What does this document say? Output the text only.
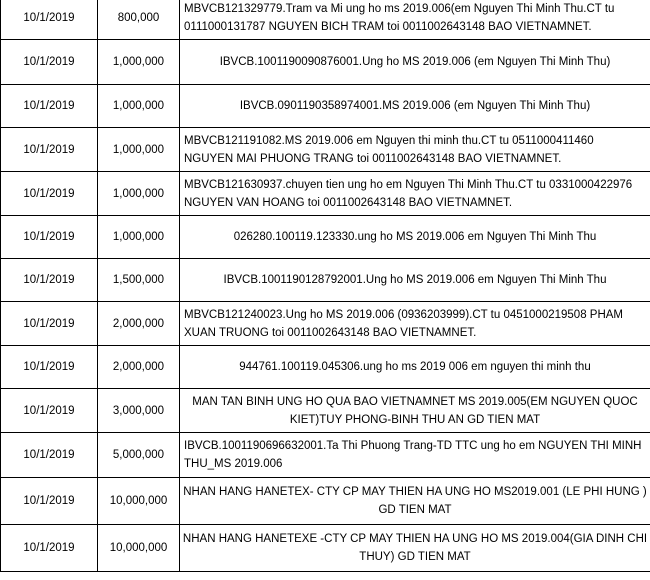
10/1/2019	800,000	MBVCB121329779.Tram va Mi ung ho ms 2019.006(em Nguyen Thi Minh Thu.CT tu
0111000131787 NGUYEN BICH TRAM toi 0011002643148 BAO VIETNAMNET.

10/1/2019	1,000,000	IBVCB.1001190090876001.Ung ho MS 2019.006 (em Nguyen Thi Minh Thu)

10/1/2019	1,000,000	IBVCB.0901190358974001.MS 2019.006 (em Nguyen Thi Minh Thu)

10/1/2019	1,000,000	MBVCB121191082.MS 2019.006 em Nguyen thi minh thu.CT tu 0511000411460
NGUYEN MAI PHUONG TRANG toi 0011002643148 BAO VIETNAMNET.

10/1/2019	1,000,000	MBVCB121630937.chuyen tien ung ho em Nguyen Thi Minh Thu.CT tu 0331000422976
NGUYEN VAN HOANG toi 0011002643148 BAO VIETNAMNET.

10/1/2019	1,000,000	026280.100119.123330.ung ho MS 2019.006 em Nguyen Thi Minh Thu

10/1/2019	1,500,000	IBVCB.1001190128792001.Ung ho MS 2019.006 em Nguyen Thi Minh Thu

10/1/2019	2,000,000	MBVCB121240023.Ung ho MS 2019.006 (0936203999).CT tu 0451000219508 PHAM
XUAN TRUONG toi 0011002643148 BAO VIETNAMNET.

10/1/2019	2,000,000	944761.100119.045306.ung ho ms 2019 006 em nguyen thi minh thu

10/1/2019	3,000,000	MAN TAN BINH UNG HO QUA BAO VIETNAMNET MS 2019.005(EM NGUYEN QUOC
KIET)TUY PHONG-BINH THU AN GD TIEN MAT

10/1/2019	5,000,000	IBVCB.1001190696632001.Ta Thi Phuong Trang-TD TTC ung ho em NGUYEN THI MINH
THU_MS 2019.006

10/1/2019	10,000,000	NHAN HANG HANETEX- CTY CP MAY THIEN HA UNG HO MS2019.001 (LE PHI HUNG )
GD TIEN MAT

10/1/2019	10,000,000	NHAN HANG HANETEXE -CTY CP MAY THIEN HA UNG HO MS 2019.004(GIA DINH CHI
THUY) GD TIEN MAT
